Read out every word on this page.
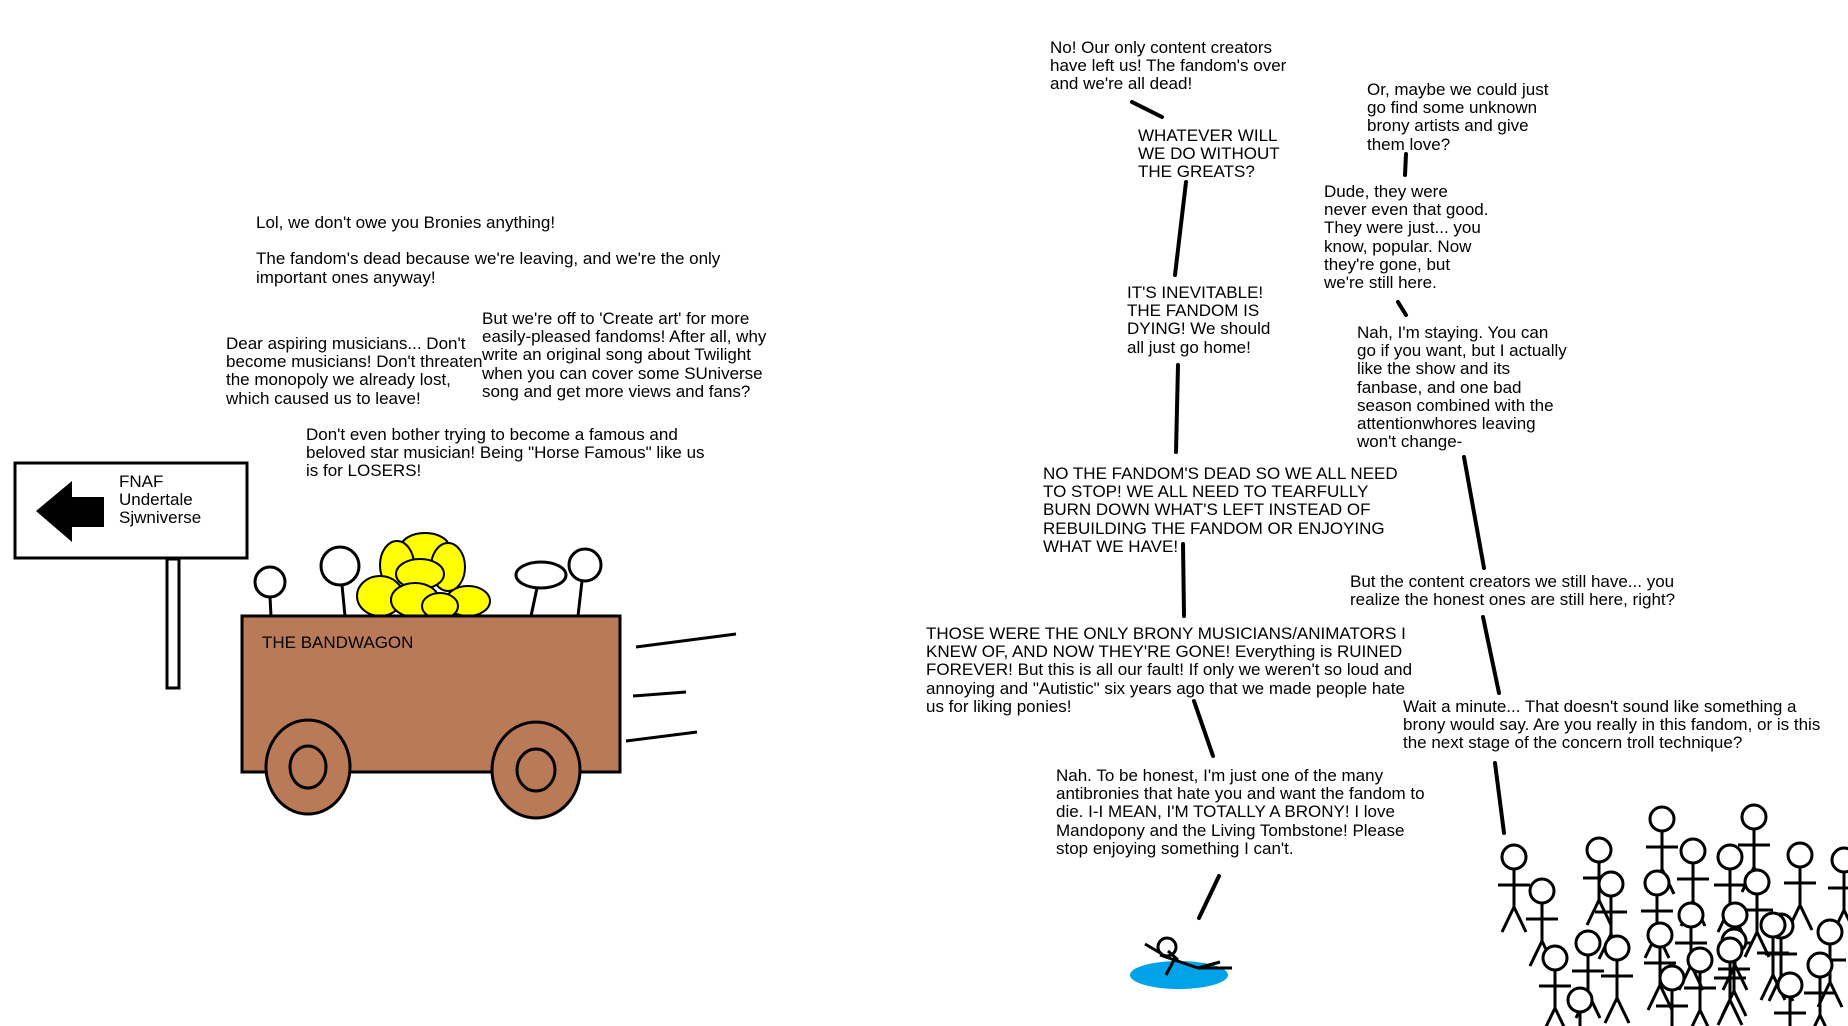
FNAF
Undertale
Sjwniverse
THE BANDWAGON
Lol, we don't owe you Bronies anything!

The fandom's dead because we're leaving, and we're the only
important ones anyway!
But we're off to 'Create art' for more
easily-pleased fandoms! After all, why
write an original song about Twilight
when you can cover some SUniverse
song and get more views and fans?
Dear aspiring musicians... Don't
become musicians! Don't threaten
the monopoly we already lost,
which caused us to leave!
Don't even bother trying to become a famous and
beloved star musician! Being "Horse Famous" like us
is for LOSERS!
No! Our only content creators
have left us! The fandom's over
and we're all dead!
WHATEVER WILL
WE DO WITHOUT
THE GREATS?
IT'S INEVITABLE!
THE FANDOM IS
DYING! We should
all just go home!
NO THE FANDOM'S DEAD SO WE ALL NEED
TO STOP! WE ALL NEED TO TEARFULLY
BURN DOWN WHAT'S LEFT INSTEAD OF
REBUILDING THE FANDOM OR ENJOYING
WHAT WE HAVE!
THOSE WERE THE ONLY BRONY MUSICIANS/ANIMATORS I
KNEW OF, AND NOW THEY'RE GONE! Everything is RUINED
FOREVER! But this is all our fault! If only we weren't so loud and
annoying and "Autistic" six years ago that we made people hate
us for liking ponies!
Nah. To be honest, I'm just one of the many
antibronies that hate you and want the fandom to
die. I-I MEAN, I'M TOTALLY A BRONY! I love
Mandopony and the Living Tombstone! Please
stop enjoying something I can't.
Or, maybe we could just
go find some unknown
brony artists and give
them love?
Dude, they were
never even that good.
They were just... you
know, popular. Now
they're gone, but
we're still here.
Nah, I'm staying. You can
go if you want, but I actually
like the show and its
fanbase, and one bad
season combined with the
attentionwhores leaving
won't change-
But the content creators we still have... you
realize the honest ones are still here, right?
Wait a minute... That doesn't sound like something a
brony would say. Are you really in this fandom, or is this
the next stage of the concern troll technique?
